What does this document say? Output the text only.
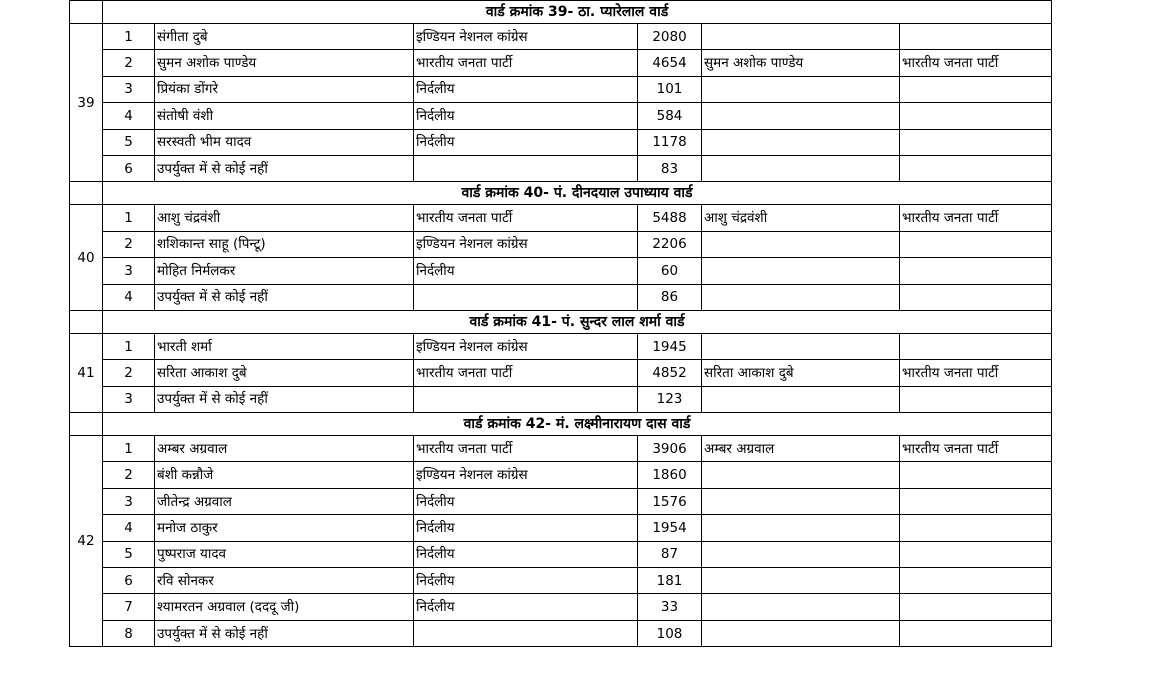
	वार्ड क्रमांक 39- ठा. प्यारेलाल वार्ड					
39	1	संगीता दुबे	इण्डियन नेशनल कांग्रेस	2080		
	2	सुमन अशोक पाण्डेय	भारतीय जनता पार्टी	4654	सुमन अशोक पाण्डेय	भारतीय जनता पार्टी
	3	प्रियंका डोंगरे	निर्दलीय	101		
	4	संतोषी वंशी	निर्दलीय	584		
	5	सरस्वती भीम यादव	निर्दलीय	1178		
	6	उपर्युक्त में से कोई नहीं		83		
	वार्ड क्रमांक 40- पं. दीनदयाल उपाध्याय वार्ड					
40	1	आशु चंद्रवंशी	भारतीय जनता पार्टी	5488	आशु चंद्रवंशी	भारतीय जनता पार्टी
	2	शशिकान्त साहू (पिन्टू)	इण्डियन नेशनल कांग्रेस	2206		
	3	मोहित निर्मलकर	निर्दलीय	60		
	4	उपर्युक्त में से कोई नहीं		86		
	वार्ड क्रमांक 41- पं. सुन्दर लाल शर्मा वार्ड					
41	1	भारती शर्मा	इण्डियन नेशनल कांग्रेस	1945		
	2	सरिता आकाश दुबे	भारतीय जनता पार्टी	4852	सरिता आकाश दुबे	भारतीय जनता पार्टी
	3	उपर्युक्त में से कोई नहीं		123		
	वार्ड क्रमांक 42- मं. लक्ष्मीनारायण दास वार्ड					
42	1	अम्बर अग्रवाल	भारतीय जनता पार्टी	3906	अम्बर अग्रवाल	भारतीय जनता पार्टी
	2	बंशी कन्नौजे	इण्डियन नेशनल कांग्रेस	1860		
	3	जीतेन्द्र अग्रवाल	निर्दलीय	1576		
	4	मनोज ठाकुर	निर्दलीय	1954		
	5	पुष्पराज यादव	निर्दलीय	87		
	6	रवि सोनकर	निर्दलीय	181		
	7	श्यामरतन अग्रवाल (दददू जी)	निर्दलीय	33		
	8	उपर्युक्त में से कोई नहीं		108		
